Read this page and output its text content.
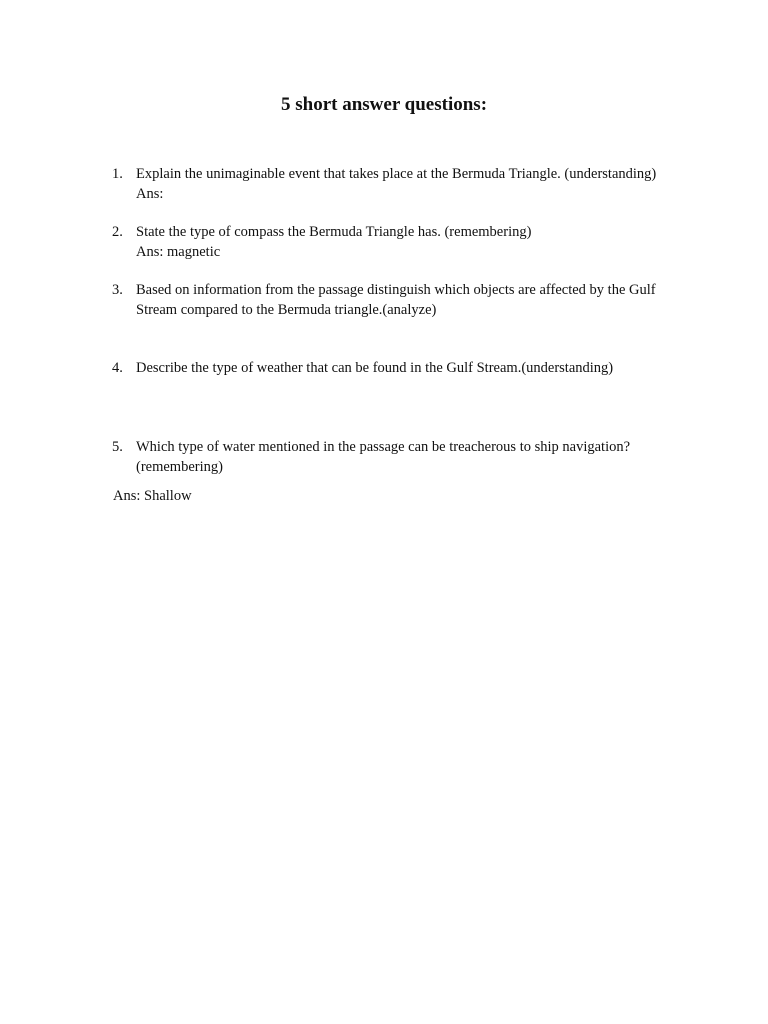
5 short answer questions:
1. Explain the unimaginable event that takes place at the Bermuda Triangle. (understanding)
Ans:
2. State the type of compass the Bermuda Triangle has. (remembering)
Ans: magnetic
3. Based on information from the passage distinguish which objects are affected by the Gulf
Stream compared to the Bermuda triangle.(analyze)
4. Describe the type of weather that can be found in the Gulf Stream.(understanding)
5. Which type of water mentioned in the passage can be treacherous to ship navigation?
(remembering)
Ans: Shallow
